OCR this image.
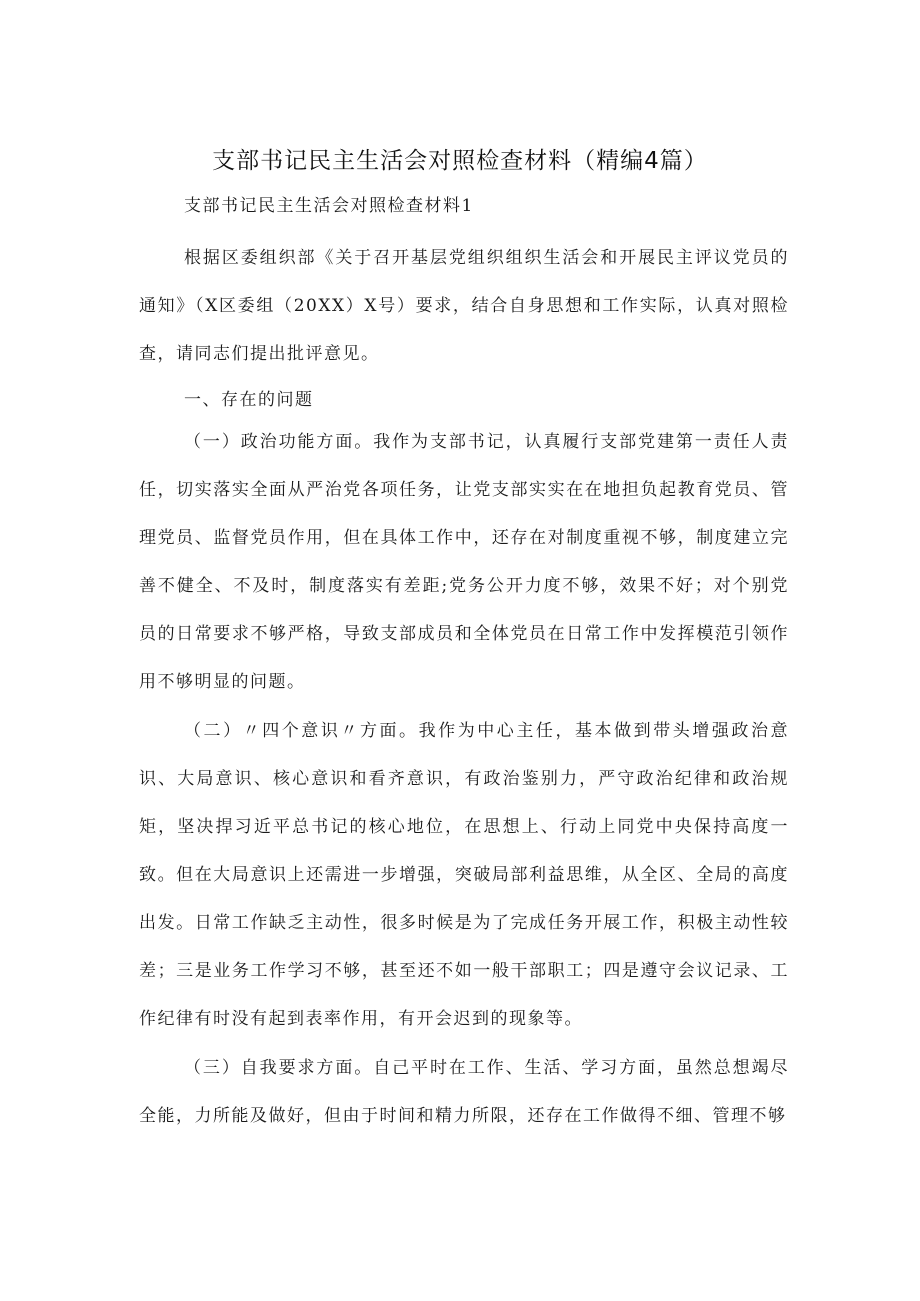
支部书记民主生活会对照检查材料（精编4篇）

支部书记民主生活会对照检查材料1

根据区委组织部《关于召开基层党组织组织生活会和开展民主评议党员的通知》（X区委组（20XX）X号）要求，结合自身思想和工作实际，认真对照检查，请同志们提出批评意见。

一、存在的问题

（一）政治功能方面。我作为支部书记，认真履行支部党建第一责任人责任，切实落实全面从严治党各项任务，让党支部实实在在地担负起教育党员、管理党员、监督党员作用，但在具体工作中，还存在对制度重视不够，制度建立完善不健全、不及时，制度落实有差距;党务公开力度不够，效果不好；对个别党员的日常要求不够严格，导致支部成员和全体党员在日常工作中发挥模范引领作用不够明显的问题。

（二）〃四个意识〃方面。我作为中心主任，基本做到带头增强政治意识、大局意识、核心意识和看齐意识，有政治鉴别力，严守政治纪律和政治规矩，坚决捍习近平总书记的核心地位，在思想上、行动上同党中央保持高度一致。但在大局意识上还需进一步增强，突破局部利益思维，从全区、全局的高度出发。日常工作缺乏主动性，很多时候是为了完成任务开展工作，积极主动性较差；三是业务工作学习不够，甚至还不如一般干部职工；四是遵守会议记录、工作纪律有时没有起到表率作用，有开会迟到的现象等。

（三）自我要求方面。自己平时在工作、生活、学习方面，虽然总想竭尽全能，力所能及做好，但由于时间和精力所限，还存在工作做得不细、管理不够
